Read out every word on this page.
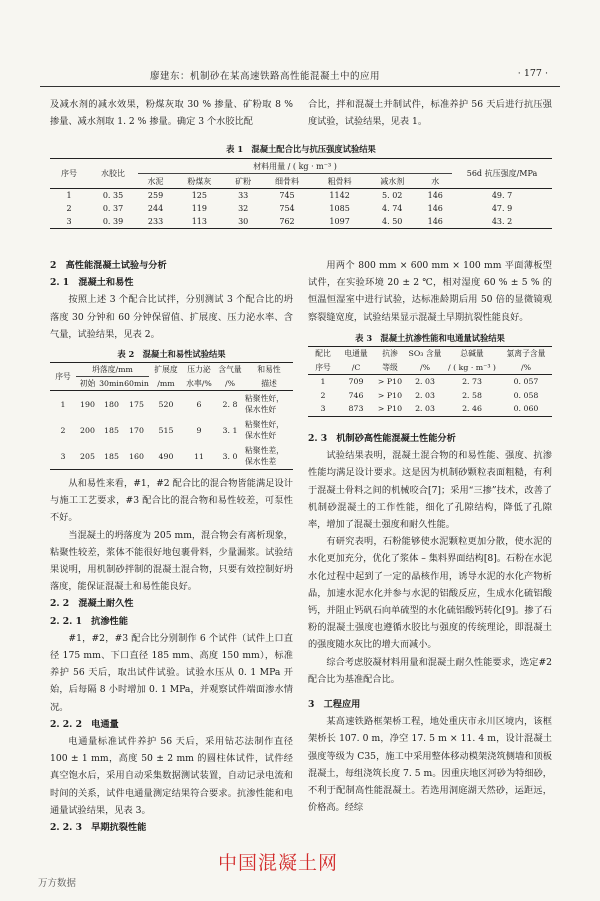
廖建东：机制砂在某高速铁路高性能混凝土中的应用	· 177 ·

及减水剂的减水效果，粉煤灰取 30 % 掺量、矿粉取 8 % 掺量、减水剂取 1. 2 % 掺量。确定 3 个水胶比配

合比，拌和混凝土并制试件，标准养护 56 天后进行抗压强度试验，试验结果，见表 1。

表 1　混凝土配合比与抗压强度试验结果
序号	水胶比	材料用量 / ( kg · m⁻³ )							56d 抗压强度/MPa
		水泥	粉煤灰	矿粉	细骨料	粗骨料	减水剂	水	
1	0. 35	259	125	33	745	1142	5. 02	146	49. 7
2	0. 37	244	119	32	754	1085	4. 74	146	47. 9
3	0. 39	233	113	30	762	1097	4. 50	146	43. 2

2　高性能混凝土试验与分析

2. 1　混凝土和易性

按照上述 3 个配合比试拌，分别测试 3 个配合比的坍落度 30 分钟和 60 分钟保留值、扩展度、压力泌水率、含气量，试验结果，见表 2。

表 2　混凝土和易性试验结果
序号	坍落度/mm			扩展度	压力泌	含气量	和易性
	初始	30min	60min	/mm	水率/%	/%	描述
1	190	180	175	520	6	2. 8	粘聚性好，
保水性好
2	200	185	170	515	9	3. 1	粘聚性好，
保水性好
3	205	185	160	490	11	3. 0	粘聚性差，
保水性差

从和易性来看，#1，#2 配合比的混合物皆能满足设计与施工工艺要求，#3 配合比的混合物和易性较差，可泵性不好。

当混凝土的坍落度为 205 mm，混合物会有离析现象，粘聚性较差，浆体不能很好地包裹骨料，少量漏浆。试验结果说明，用机制砂拌制的混凝土混合物，只要有效控制好坍落度，能保证混凝土和易性能良好。

2. 2　混凝土耐久性

2. 2. 1　抗渗性能

#1，#2，#3 配合比分别制作 6 个试件（试件上口直径 175 mm、下口直径 185 mm、高度 150 mm），标准养护 56 天后，取出试件试验。试验水压从 0. 1 MPa 开始，后每隔 8 小时增加 0. 1 MPa，并观察试件端面渗水情况。

2. 2. 2　电通量

电通量标准试件养护 56 天后，采用钻芯法制作直径 100 ± 1 mm，高度 50 ± 2 mm 的圆柱体试件，试件经真空饱水后，采用自动采集数据测试装置，自动记录电流和时间的关系，试件电通量测定结果符合要求。抗渗性能和电通量试验结果，见表 3。

2. 2. 3　早期抗裂性能

用两个 800 mm × 600 mm × 100 mm 平面薄板型试件，在实验环境 20 ± 2 ℃，相对湿度 60 % ± 5 % 的恒温恒湿室中进行试验，达标准龄期后用 50 倍的显微镜观察裂缝宽度，试验结果显示混凝土早期抗裂性能良好。

表 3　混凝土抗渗性能和电通量试验结果
配比	电通量	抗渗	SO₃ 含量	总碱量	氯离子含量
序号	/C	等级	/%	/ ( kg · m⁻³ )	/%
1	709	> P10	2. 03	2. 73	0. 057
2	746	> P10	2. 03	2. 58	0. 058
3	873	> P10	2. 03	2. 46	0. 060

2. 3　机制砂高性能混凝土性能分析

试验结果表明，混凝土混合物的和易性能、强度、抗渗性能均满足设计要求。这是因为机制砂颗粒表面粗糙，有利于混凝土骨料之间的机械咬合[7]；采用“三掺”技术，改善了机制砂混凝土的工作性能，细化了孔隙结构，降低了孔隙率，增加了混凝土强度和耐久性能。

有研究表明，石粉能够使水泥颗粒更加分散，使水泥的水化更加充分，优化了浆体 – 集料界面结构[8]。石粉在水泥水化过程中起到了一定的晶核作用，诱导水泥的水化产物析晶，加速水泥水化并参与水泥的铝酸反应，生成水化硫铝酸钙，并阻止钙矾石向单硫型的水化硫铝酸钙转化[9]。掺了石粉的混凝土强度也遵循水胶比与强度的传统理论，即混凝土的强度随水灰比的增大而减小。

综合考虑胶凝材料用量和混凝土耐久性能要求，选定#2 配合比为基准配合比。

3　工程应用

某高速铁路框架桥工程，地处重庆市永川区境内，该框架桥长 107. 0 m，净空 17. 5 m × 11. 4 m，设计混凝土强度等级为 C35，施工中采用整体移动模架浇筑侧墙和顶板混凝土，每组浇筑长度 7. 5 m。因重庆地区河砂为特细砂，不利于配制高性能混凝土。若选用洞庭湖天然砂，运距远，价格高。经综

中国混凝土网
万方数据
